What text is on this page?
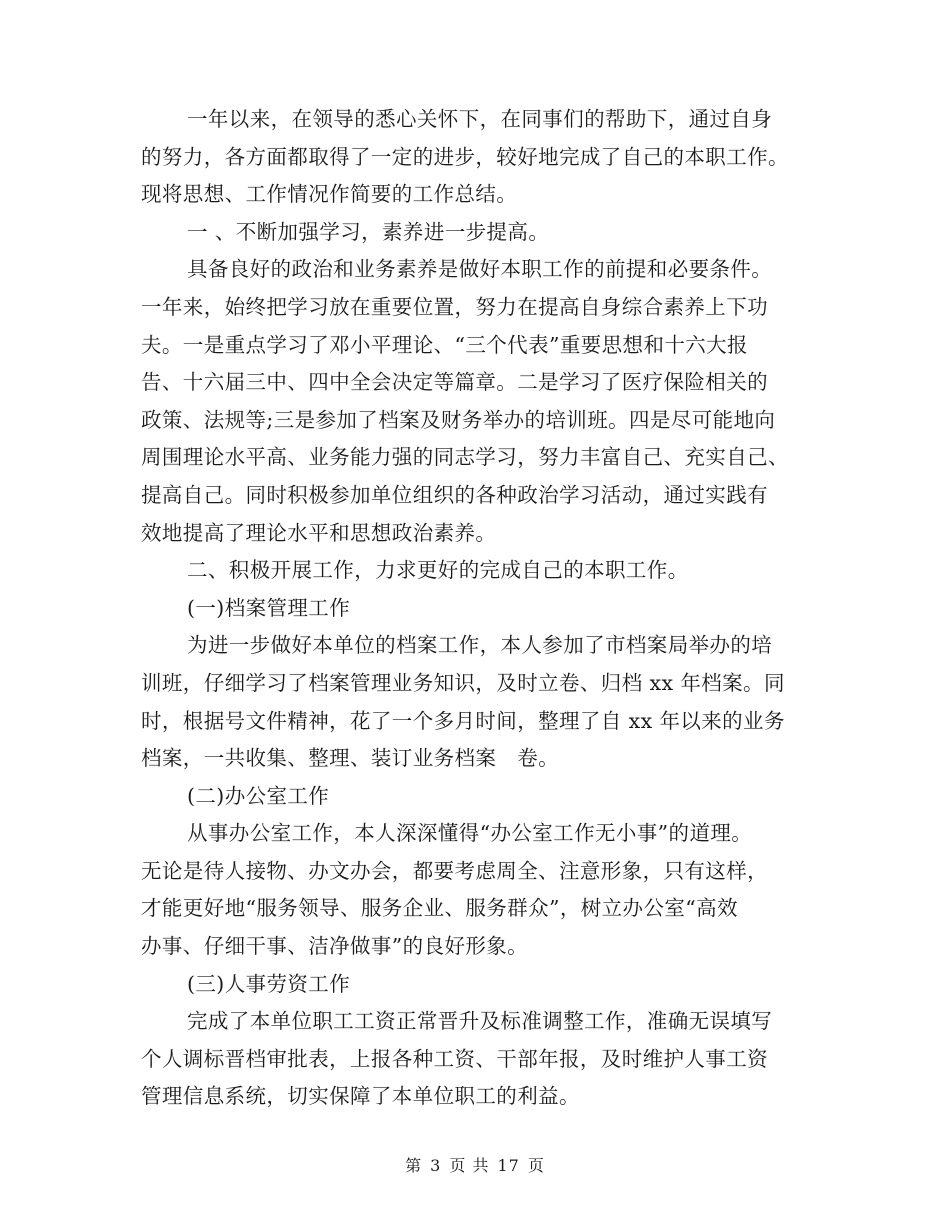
一年以来，在领导的悉心关怀下，在同事们的帮助下，通过自身
的努力，各方面都取得了一定的进步，较好地完成了自己的本职工作。
现将思想、工作情况作简要的工作总结。
一 、不断加强学习，素养进一步提高。
具备良好的政治和业务素养是做好本职工作的前提和必要条件。
一年来，始终把学习放在重要位置，努力在提高自身综合素养上下功
夫。一是重点学习了邓小平理论、“三个代表”重要思想和十六大报
告、十六届三中、四中全会决定等篇章。二是学习了医疗保险相关的
政策、法规等;三是参加了档案及财务举办的培训班。四是尽可能地向
周围理论水平高、业务能力强的同志学习，努力丰富自己、充实自己、
提高自己。同时积极参加单位组织的各种政治学习活动，通过实践有
效地提高了理论水平和思想政治素养。
二、积极开展工作，力求更好的完成自己的本职工作。
(一)档案管理工作
为进一步做好本单位的档案工作，本人参加了市档案局举办的培
训班，仔细学习了档案管理业务知识，及时立卷、归档 xx 年档案。同
时，根据号文件精神，花了一个多月时间，整理了自 xx 年以来的业务
档案，一共收集、整理、装订业务档案　卷。
(二)办公室工作
从事办公室工作，本人深深懂得“办公室工作无小事”的道理。
无论是待人接物、办文办会，都要考虑周全、注意形象，只有这样，
才能更好地“服务领导、服务企业、服务群众”，树立办公室“高效
办事、仔细干事、洁净做事”的良好形象。
(三)人事劳资工作
完成了本单位职工工资正常晋升及标准调整工作，准确无误填写
个人调标晋档审批表，上报各种工资、干部年报，及时维护人事工资
管理信息系统，切实保障了本单位职工的利益。
第 3 页 共 17 页
